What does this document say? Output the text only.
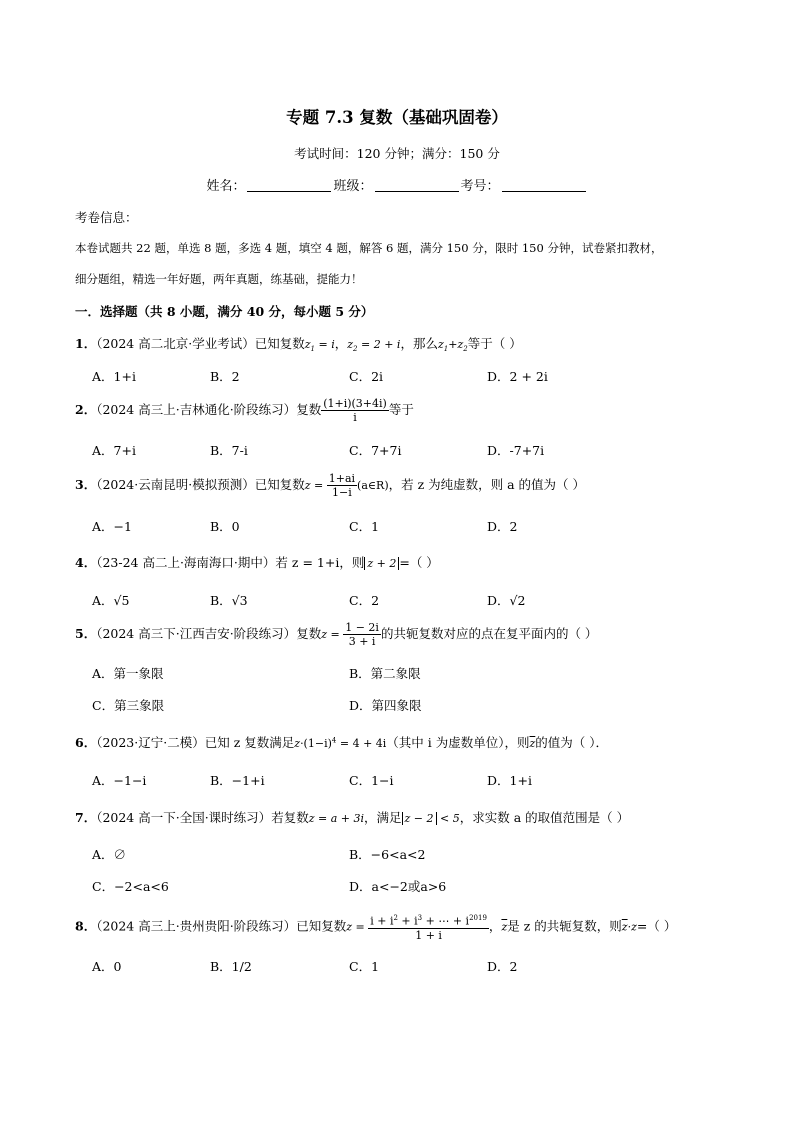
专题 7.3 复数（基础巩固卷）
考试时间：120 分钟；满分：150 分
姓名：	班级：	考号：
考卷信息：
本卷试题共 22 题，单选 8 题，多选 4 题，填空 4 题，解答 6 题，满分 150 分，限时 150 分钟，试卷紧扣教材，
细分题组，精选一年好题，两年真题，练基础，提能力！
一．选择题（共 8 小题，满分 40 分，每小题 5 分）
1．（2024 高二北京·学业考试）已知复数$z_1 = i$，$z_2 = 2 + i$，那么$z_1+z_2$等于（ ）
A．1+i	B．2	C．2i	D．2 + 2i
2．（2024 高三上·吉林通化·阶段练习）复数 $\frac{(1+i)(3+4i)}{i}$ 等于
A．7+i	B．7-i	C．7+7i	D．-7+7i
3．（2024·云南昆明·模拟预测）已知复数$z = \frac{1+ai}{1-i}$ (a∈R)，若 z 为纯虚数，则 a 的值为（ ）
A．−1	B．0	C．1	D．2
4．（23-24 高二上·海南海口·期中）若 z = 1+i，则 z + 2 =（ ）
A．√5	B．√3	C．2	D．√2
5．（2024 高三下·江西吉安·阶段练习）复数$z = \frac{1 - 2i}{3 + i}$ 的共轭复数对应的点在复平面内的（ ）
A．第一象限	B．第二象限
C．第三象限	D．第四象限
6．（2023·辽宁·二模）已知 z 复数满足$z\cdot(1-i)^4 = 4 + 4i$（其中 i 为虚数单位），则$\overline{z}$的值为（ ）．
A．−1−i	B．−1+i	C．1−i	D．1+i
7．（2024 高一下·全国·课时练习）若复数z = a + 3i，满足 z − 2 < 5，求实数 a 的取值范围是（ ）
A．∅	B．−6<a<2
C．−2<a<6	D．a<−2或a>6
8．（2024 高三上·贵州贵阳·阶段练习）已知复数$z = \frac{i + i^2 + i^3 + \cdots + i^{2019}}{1 + i}$ ，$\overline{z}$是 z 的共轭复数，则$\overline{z}\cdot z=$（ ）
A．0	B．1/2	C．1	D．2
